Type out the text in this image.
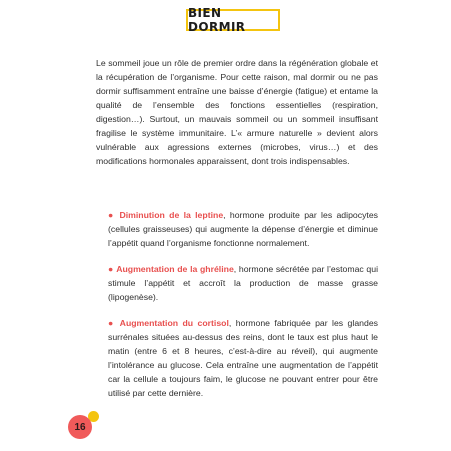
BIEN DORMIR

Le sommeil joue un rôle de premier ordre dans la régénération globale et la récupération de l’organisme. Pour cette raison, mal dormir ou ne pas dormir suffisamment entraîne une baisse d’énergie (fatigue) et entame la qualité de l’ensemble des fonctions essentielles (respiration, digestion…). Surtout, un mauvais sommeil ou un sommeil insuffisant fragilise le système immunitaire. L’« armure naturelle » devient alors vulnérable aux agressions externes (microbes, virus…) et des modifications hormonales apparaissent, dont trois indispensables.

● Diminution de la leptine, hormone produite par les adipocytes (cellules graisseuses) qui augmente la dépense d’énergie et diminue l’appétit quand l’organisme fonctionne normalement.

● Augmentation de la ghréline, hormone sécrétée par l’estomac qui stimule l’appétit et accroît la production de masse grasse (lipogenèse).

● Augmentation du cortisol, hormone fabriquée par les glandes surrénales situées au-dessus des reins, dont le taux est plus haut le matin (entre 6 et 8 heures, c’est-à-dire au réveil), qui augmente l’intolérance au glucose. Cela entraîne une augmentation de l’appétit car la cellule a toujours faim, le glucose ne pouvant entrer pour être utilisé par cette dernière.

16
